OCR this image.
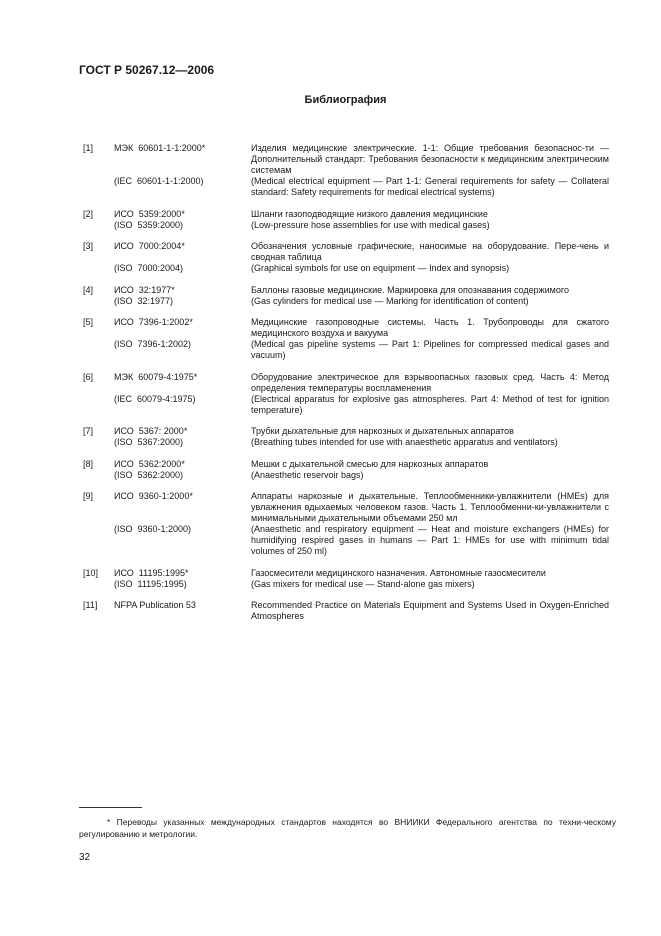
ГОСТ Р 50267.12—2006
Библиография
[1] МЭК  60601-1-1:2000*	Изделия медицинские электрические. 1-1: Общие требования безопаснос-ти — Дополнительный стандарт: Требования безопасности к медицинским электрическим системам
(IEC  60601-1-1:2000)	(Medical electrical equipment — Part 1-1: General requirements for safety — Collateral standard: Safety requirements for medical electrical systems)
[2] ИСО  5359:2000*	Шланги газоподводящие низкого давления медицинские
(ISO  5359:2000)	(Low-pressure hose assemblies for use with medical gases)
[3] ИСО  7000:2004*	Обозначения условные графические, наносимые на оборудование. Пере-чень и сводная таблица
(ISO  7000:2004)	(Graphical symbols for use on equipment — Index and synopsis)
[4] ИСО  32:1977*	Баллоны газовые медицинские. Маркировка для опознавания содержимого
(ISO  32:1977)	(Gas cylinders for medical use — Marking for identification of content)
[5] ИСО  7396-1:2002*	Медицинские газопроводные системы. Часть 1. Трубопроводы для сжатого медицинского воздуха и вакуума
(ISO  7396-1:2002)	(Medical gas pipeline systems — Part 1: Pipelines for compressed medical gases and vacuum)
[6] МЭК  60079-4:1975*	Оборудование электрическое для взрывоопасных газовых сред. Часть 4: Метод определения температуры воспламенения
(IEC  60079-4:1975)	(Electrical apparatus for explosive gas atmospheres. Part 4: Method of test for ignition temperature)
[7] ИСО  5367: 2000*	Трубки дыхательные для наркозных и дыхательных аппаратов
(ISO  5367:2000)	(Breathing tubes intended for use with anaesthetic apparatus and ventilators)
[8] ИСО  5362:2000*	Мешки с дыхательной смесью для наркозных аппаратов
(ISO  5362:2000)	(Anaesthetic reservoir bags)
[9] ИСО  9360-1:2000*	Аппараты наркозные и дыхательные. Теплообменники-увлажнители (HMEs) для увлажнения вдыхаемых человеком газов. Часть 1. Теплообменни-ки-увлажнители с минимальными дыхательными объемами 250 мл
(ISO  9360-1:2000)	(Anaesthetic and respiratory equipment — Heat and moisture exchangers (HMEs) for humidifying respired gases in humans — Part 1: HMEs for use with minimum tidal volumes of 250 ml)
[10] ИСО  11195:1995*	Газосмесители медицинского назначения. Автономные газосмесители
(ISO  11195:1995)	(Gas mixers for medical use — Stand-alone gas mixers)
[11] NFPA Publication 53	Recommended Practice on Materials Equipment and Systems Used in Oxygen-Enriched Atmospheres
* Переводы указанных международных стандартов находятся во ВНИИКИ Федерального агентства по техни-ческому регулированию и метрологии.
32
